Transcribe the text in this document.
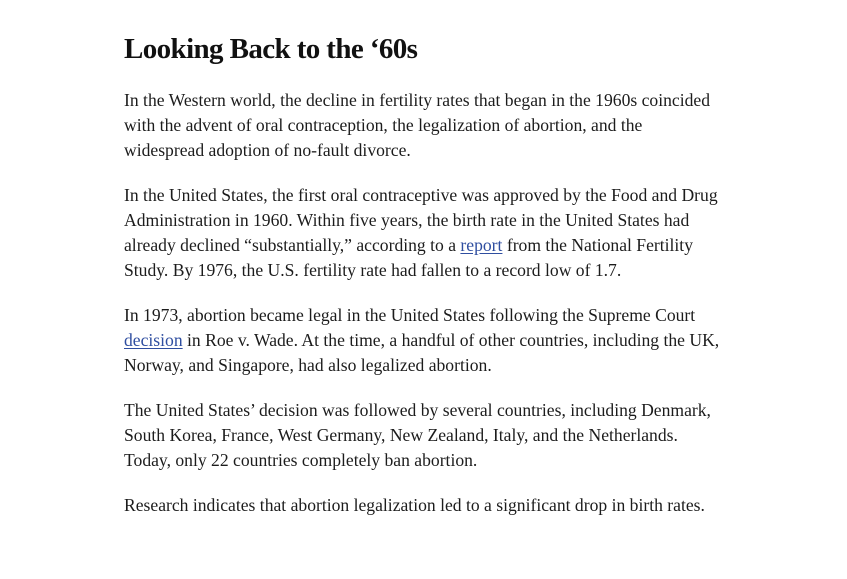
Looking Back to the ‘60s

In the Western world, the decline in fertility rates that began in the 1960s coincided with the advent of oral contraception, the legalization of abortion, and the widespread adoption of no-fault divorce.

In the United States, the first oral contraceptive was approved by the Food and Drug Administration in 1960. Within five years, the birth rate in the United States had already declined “substantially,” according to a report from the National Fertility Study. By 1976, the U.S. fertility rate had fallen to a record low of 1.7.

In 1973, abortion became legal in the United States following the Supreme Court decision in Roe v. Wade. At the time, a handful of other countries, including the UK, Norway, and Singapore, had also legalized abortion.

The United States’ decision was followed by several countries, including Denmark, South Korea, France, West Germany, New Zealand, Italy, and the Netherlands. Today, only 22 countries completely ban abortion.

Research indicates that abortion legalization led to a significant drop in birth rates.
